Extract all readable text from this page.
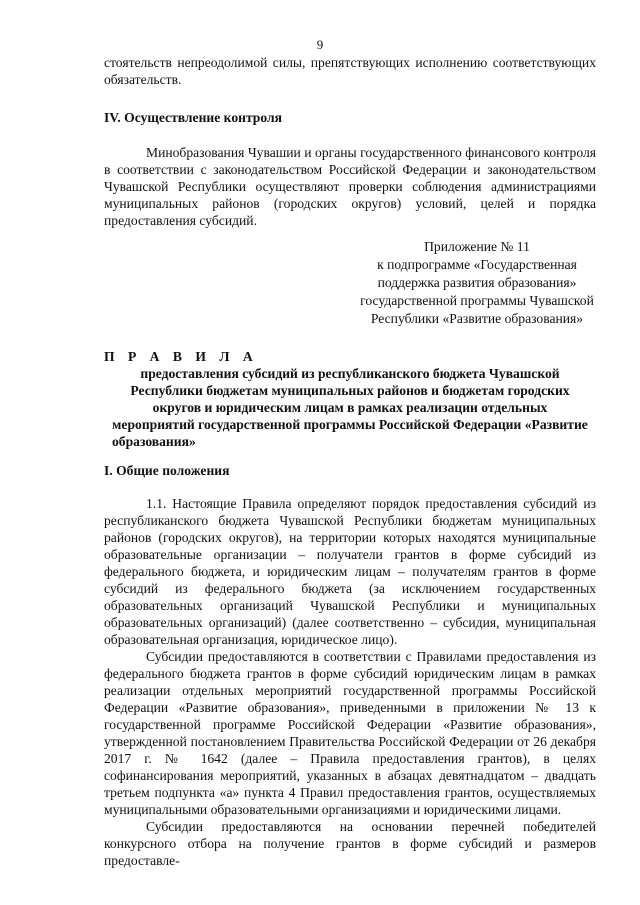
9

стоятельств непреодолимой силы, препятствующих исполнению соответствующих обязательств.

IV. Осуществление контроля

Минобразования Чувашии и органы государственного финансового контроля в соответствии с законодательством Российской Федерации и законодательством Чувашской Республики осуществляют проверки соблюдения администрациями муниципальных районов (городских округов) условий, целей и порядка предоставления субсидий.

Приложение № 11
к подпрограмме «Государственная
поддержка развития образования»
государственной программы Чувашской
Республики «Развитие образования»

П Р А В И Л А

предоставления субсидий из республиканского бюджета Чувашской Республики бюджетам муниципальных районов и бюджетам городских округов и юридическим лицам в рамках реализации отдельных мероприятий государственной программы Российской Федерации «Развитие образования»

I. Общие положения

1.1. Настоящие Правила определяют порядок предоставления субсидий из республиканского бюджета Чувашской Республики бюджетам муниципальных районов (городских округов), на территории которых находятся муниципальные образовательные организации – получатели грантов в форме субсидий из федерального бюджета, и юридическим лицам – получателям грантов в форме субсидий из федерального бюджета (за исключением государственных образовательных организаций Чувашской Республики и муниципальных образовательных организаций) (далее соответственно – субсидия, муниципальная образовательная организация, юридическое лицо).

Субсидии предоставляются в соответствии с Правилами предоставления из федерального бюджета грантов в форме субсидий юридическим лицам в рамках реализации отдельных мероприятий государственной программы Российской Федерации «Развитие образования», приведенными в приложении № 13 к государственной программе Российской Федерации «Развитие образования», утвержденной постановлением Правительства Российской Федерации от 26 декабря 2017 г. № 1642 (далее – Правила предоставления грантов), в целях софинансирования мероприятий, указанных в абзацах девятнадцатом – двадцать третьем подпункта «а» пункта 4 Правил предоставления грантов, осуществляемых муниципальными образовательными организациями и юридическими лицами.

Субсидии предоставляются на основании перечней победителей конкурсного отбора на получение грантов в форме субсидий и размеров предоставле-
